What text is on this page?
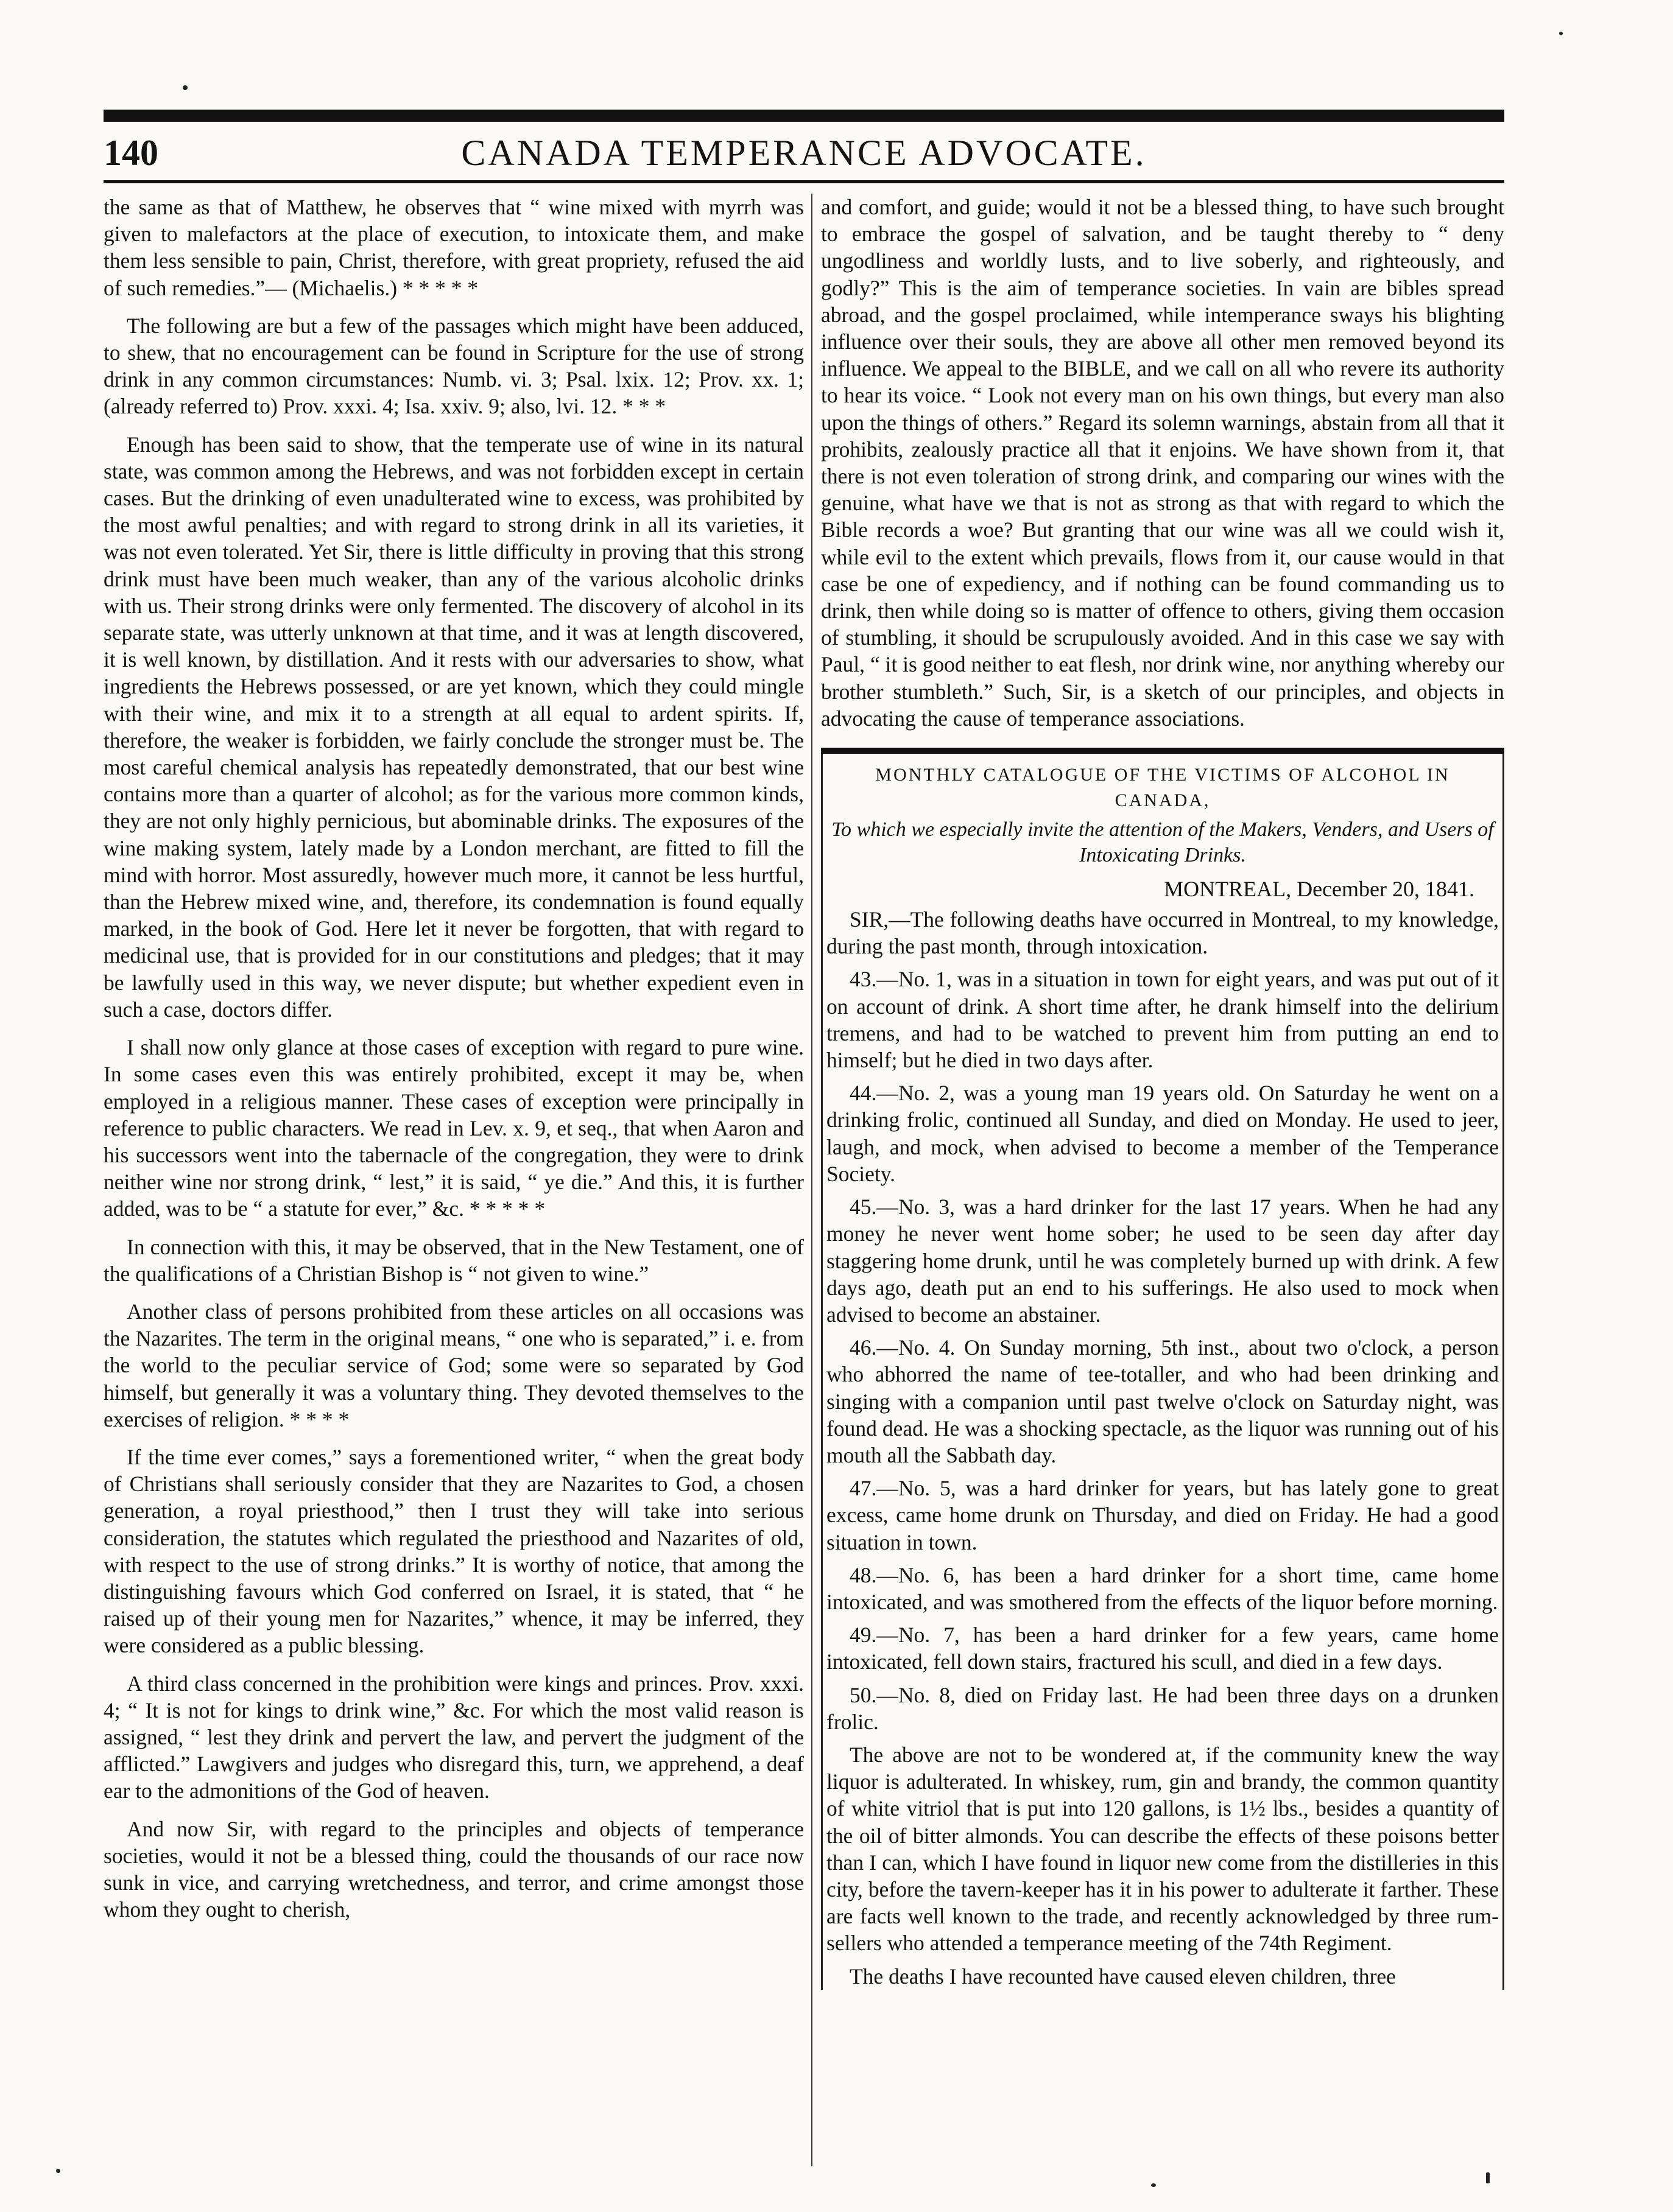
140	CANADA TEMPERANCE ADVOCATE.

the same as that of Matthew, he observes that “ wine mixed with myrrh was given to malefactors at the place of execution, to intoxicate them, and make them less sensible to pain, Christ, therefore, with great propriety, refused the aid of such remedies.”— (Michaelis.) * * * * *

The following are but a few of the passages which might have been adduced, to shew, that no encouragement can be found in Scripture for the use of strong drink in any common circumstances: Numb. vi. 3; Psal. lxix. 12; Prov. xx. 1; (already referred to) Prov. xxxi. 4; Isa. xxiv. 9; also, lvi. 12. * * *

Enough has been said to show, that the temperate use of wine in its natural state, was common among the Hebrews, and was not forbidden except in certain cases. But the drinking of even unadulterated wine to excess, was prohibited by the most awful penalties; and with regard to strong drink in all its varieties, it was not even tolerated. Yet Sir, there is little difficulty in proving that this strong drink must have been much weaker, than any of the various alcoholic drinks with us. Their strong drinks were only fermented. The discovery of alcohol in its separate state, was utterly unknown at that time, and it was at length discovered, it is well known, by distillation. And it rests with our adversaries to show, what ingredients the Hebrews possessed, or are yet known, which they could mingle with their wine, and mix it to a strength at all equal to ardent spirits. If, therefore, the weaker is forbidden, we fairly conclude the stronger must be. The most careful chemical analysis has repeatedly demonstrated, that our best wine contains more than a quarter of alcohol; as for the various more common kinds, they are not only highly pernicious, but abominable drinks. The exposures of the wine making system, lately made by a London merchant, are fitted to fill the mind with horror. Most assuredly, however much more, it cannot be less hurtful, than the Hebrew mixed wine, and, therefore, its condemnation is found equally marked, in the book of God. Here let it never be forgotten, that with regard to medicinal use, that is provided for in our constitutions and pledges; that it may be lawfully used in this way, we never dispute; but whether expedient even in such a case, doctors differ.

I shall now only glance at those cases of exception with regard to pure wine. In some cases even this was entirely prohibited, except it may be, when employed in a religious manner. These cases of exception were principally in reference to public characters. We read in Lev. x. 9, et seq., that when Aaron and his successors went into the tabernacle of the congregation, they were to drink neither wine nor strong drink, “ lest,” it is said, “ ye die.” And this, it is further added, was to be “ a statute for ever,” &c. * * * * *

In connection with this, it may be observed, that in the New Testament, one of the qualifications of a Christian Bishop is “ not given to wine.”

Another class of persons prohibited from these articles on all occasions was the Nazarites. The term in the original means, “ one who is separated,” i. e. from the world to the peculiar service of God; some were so separated by God himself, but generally it was a voluntary thing. They devoted themselves to the exercises of religion. * * * *

If the time ever comes,” says a forementioned writer, “ when the great body of Christians shall seriously consider that they are Nazarites to God, a chosen generation, a royal priesthood,” then I trust they will take into serious consideration, the statutes which regulated the priesthood and Nazarites of old, with respect to the use of strong drinks.” It is worthy of notice, that among the distinguishing favours which God conferred on Israel, it is stated, that “ he raised up of their young men for Nazarites,” whence, it may be inferred, they were considered as a public blessing.

A third class concerned in the prohibition were kings and princes. Prov. xxxi. 4; “ It is not for kings to drink wine,” &c. For which the most valid reason is assigned, “ lest they drink and pervert the law, and pervert the judgment of the afflicted.” Lawgivers and judges who disregard this, turn, we apprehend, a deaf ear to the admonitions of the God of heaven.

And now Sir, with regard to the principles and objects of temperance societies, would it not be a blessed thing, could the thousands of our race now sunk in vice, and carrying wretchedness, and terror, and crime amongst those whom they ought to cherish,

and comfort, and guide; would it not be a blessed thing, to have such brought to embrace the gospel of salvation, and be taught thereby to “ deny ungodliness and worldly lusts, and to live soberly, and righteously, and godly?” This is the aim of temperance societies. In vain are bibles spread abroad, and the gospel proclaimed, while intemperance sways his blighting influence over their souls, they are above all other men removed beyond its influence. We appeal to the BIBLE, and we call on all who revere its authority to hear its voice. “ Look not every man on his own things, but every man also upon the things of others.” Regard its solemn warnings, abstain from all that it prohibits, zealously practice all that it enjoins. We have shown from it, that there is not even toleration of strong drink, and comparing our wines with the genuine, what have we that is not as strong as that with regard to which the Bible records a woe? But granting that our wine was all we could wish it, while evil to the extent which prevails, flows from it, our cause would in that case be one of expediency, and if nothing can be found commanding us to drink, then while doing so is matter of offence to others, giving them occasion of stumbling, it should be scrupulously avoided. And in this case we say with Paul, “ it is good neither to eat flesh, nor drink wine, nor anything whereby our brother stumbleth.” Such, Sir, is a sketch of our principles, and objects in advocating the cause of temperance associations.

MONTHLY CATALOGUE OF THE VICTIMS OF ALCOHOL IN CANADA,
To which we especially invite the attention of the Makers, Venders, and Users of Intoxicating Drinks.
MONTREAL, December 20, 1841.

SIR,—The following deaths have occurred in Montreal, to my knowledge, during the past month, through intoxication.

43.—No. 1, was in a situation in town for eight years, and was put out of it on account of drink. A short time after, he drank himself into the delirium tremens, and had to be watched to prevent him from putting an end to himself; but he died in two days after.

44.—No. 2, was a young man 19 years old. On Saturday he went on a drinking frolic, continued all Sunday, and died on Monday. He used to jeer, laugh, and mock, when advised to become a member of the Temperance Society.

45.—No. 3, was a hard drinker for the last 17 years. When he had any money he never went home sober; he used to be seen day after day staggering home drunk, until he was completely burned up with drink. A few days ago, death put an end to his sufferings. He also used to mock when advised to become an abstainer.

46.—No. 4. On Sunday morning, 5th inst., about two o'clock, a person who abhorred the name of tee-totaller, and who had been drinking and singing with a companion until past twelve o'clock on Saturday night, was found dead. He was a shocking spectacle, as the liquor was running out of his mouth all the Sabbath day.

47.—No. 5, was a hard drinker for years, but has lately gone to great excess, came home drunk on Thursday, and died on Friday. He had a good situation in town.

48.—No. 6, has been a hard drinker for a short time, came home intoxicated, and was smothered from the effects of the liquor before morning.

49.—No. 7, has been a hard drinker for a few years, came home intoxicated, fell down stairs, fractured his scull, and died in a few days.

50.—No. 8, died on Friday last. He had been three days on a drunken frolic.

The above are not to be wondered at, if the community knew the way liquor is adulterated. In whiskey, rum, gin and brandy, the common quantity of white vitriol that is put into 120 gallons, is 1½ lbs., besides a quantity of the oil of bitter almonds. You can describe the effects of these poisons better than I can, which I have found in liquor new come from the distilleries in this city, before the tavern-keeper has it in his power to adulterate it farther. These are facts well known to the trade, and recently acknowledged by three rum-sellers who attended a temperance meeting of the 74th Regiment.

The deaths I have recounted have caused eleven children, three
